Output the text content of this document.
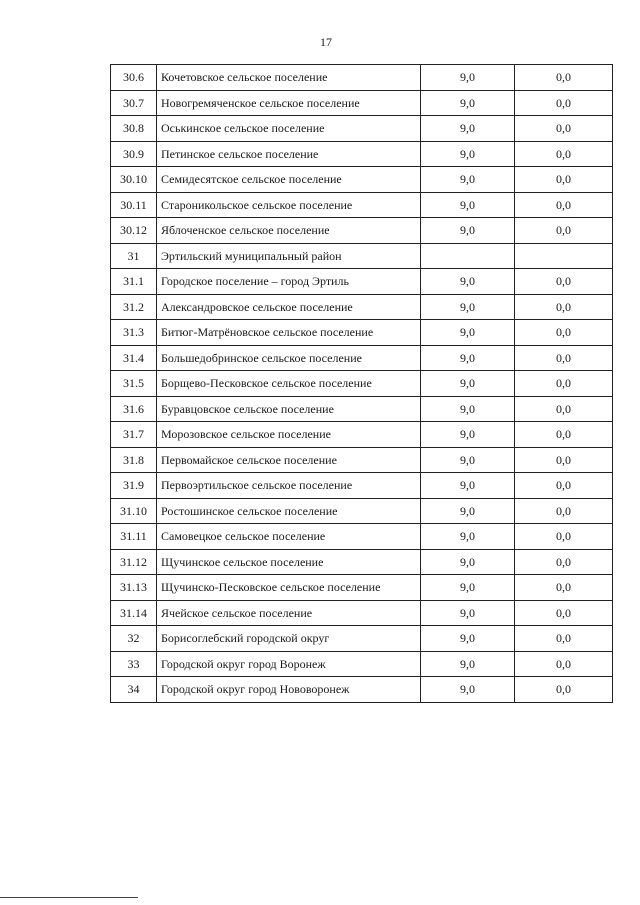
17
30.6	Кочетовское сельское поселение	9,0	0,0
30.7	Новогремяченское сельское поселение	9,0	0,0
30.8	Оськинское сельское поселение	9,0	0,0
30.9	Петинское сельское поселение	9,0	0,0
30.10	Семидесятское сельское поселение	9,0	0,0
30.11	Староникольское сельское поселение	9,0	0,0
30.12	Яблоченское сельское поселение	9,0	0,0
31	Эртильский муниципальный район		
31.1	Городское поселение – город Эртиль	9,0	0,0
31.2	Александровское сельское поселение	9,0	0,0
31.3	Битюг-Матрёновское сельское поселение	9,0	0,0
31.4	Большедобринское сельское поселение	9,0	0,0
31.5	Борщево-Песковское сельское поселение	9,0	0,0
31.6	Буравцовское сельское поселение	9,0	0,0
31.7	Морозовское сельское поселение	9,0	0,0
31.8	Первомайское сельское поселение	9,0	0,0
31.9	Первоэртильское сельское поселение	9,0	0,0
31.10	Ростошинское сельское поселение	9,0	0,0
31.11	Самовецкое сельское поселение	9,0	0,0
31.12	Щучинское сельское поселение	9,0	0,0
31.13	Щучинско-Песковское сельское поселение	9,0	0,0
31.14	Ячейское сельское поселение	9,0	0,0
32	Борисоглебский городской округ	9,0	0,0
33	Городской округ город Воронеж	9,0	0,0
34	Городской округ город Нововоронеж	9,0	0,0
